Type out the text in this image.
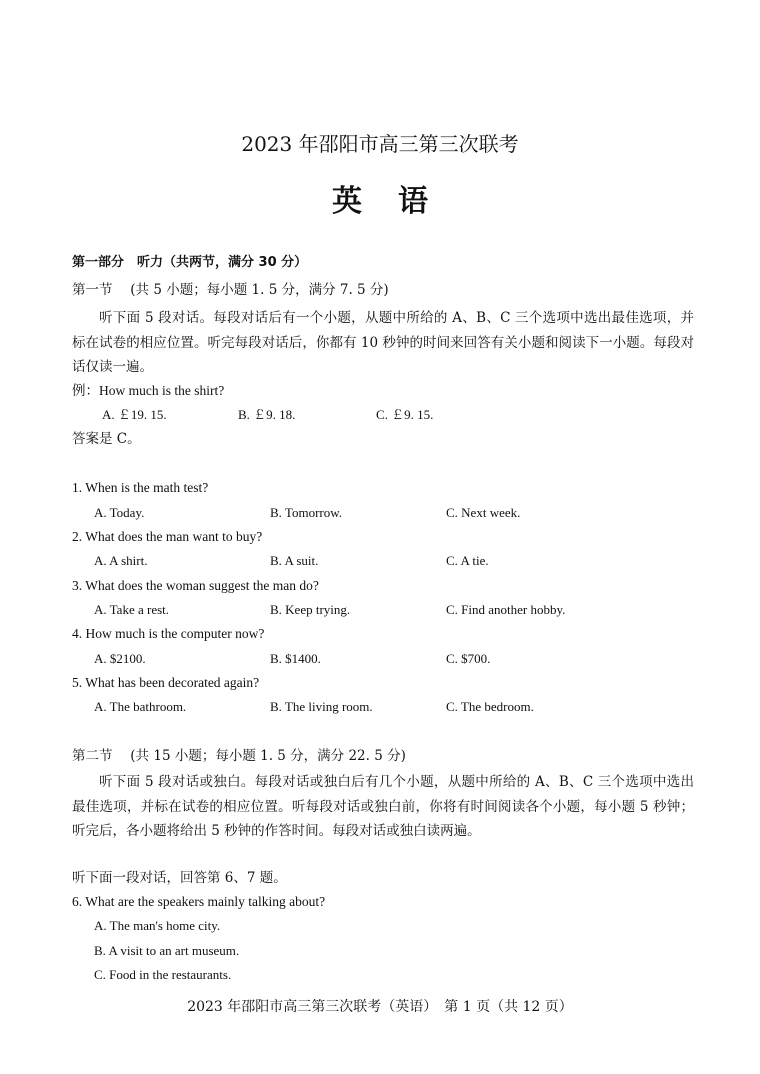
2023 年邵阳市高三第三次联考
英语
第一部分　听力（共两节，满分 30 分）
第一节　 (共 5 小题；每小题 1. 5 分，满分 7. 5 分)
听下面 5 段对话。每段对话后有一个小题，从题中所给的 A、B、C 三个选项中选出最佳选项，并标在试卷的相应位置。听完每段对话后，你都有 10 秒钟的时间来回答有关小题和阅读下一小题。每段对话仅读一遍。
例：How much is the shirt?
A. ￡19. 15.	B. ￡9. 18.	C. ￡9. 15.
答案是 C。
1. When is the math test?
A. Today.	B. Tomorrow.	C. Next week.
2. What does the man want to buy?
A. A shirt.	B. A suit.	C. A tie.
3. What does the woman suggest the man do?
A. Take a rest.	B. Keep trying.	C. Find another hobby.
4. How much is the computer now?
A. $2100.	B. $1400.	C. $700.
5. What has been decorated again?
A. The bathroom.	B. The living room.	C. The bedroom.
第二节　 (共 15 小题；每小题 1. 5 分，满分 22. 5 分)
听下面 5 段对话或独白。每段对话或独白后有几个小题，从题中所给的 A、B、C 三个选项中选出最佳选项，并标在试卷的相应位置。听每段对话或独白前，你将有时间阅读各个小题，每小题 5 秒钟；听完后，各小题将给出 5 秒钟的作答时间。每段对话或独白读两遍。
听下面一段对话，回答第 6、7 题。
6. What are the speakers mainly talking about?
A. The man's home city.
B. A visit to an art museum.
C. Food in the restaurants.
2023 年邵阳市高三第三次联考（英语）　第 1 页（共 12 页）
